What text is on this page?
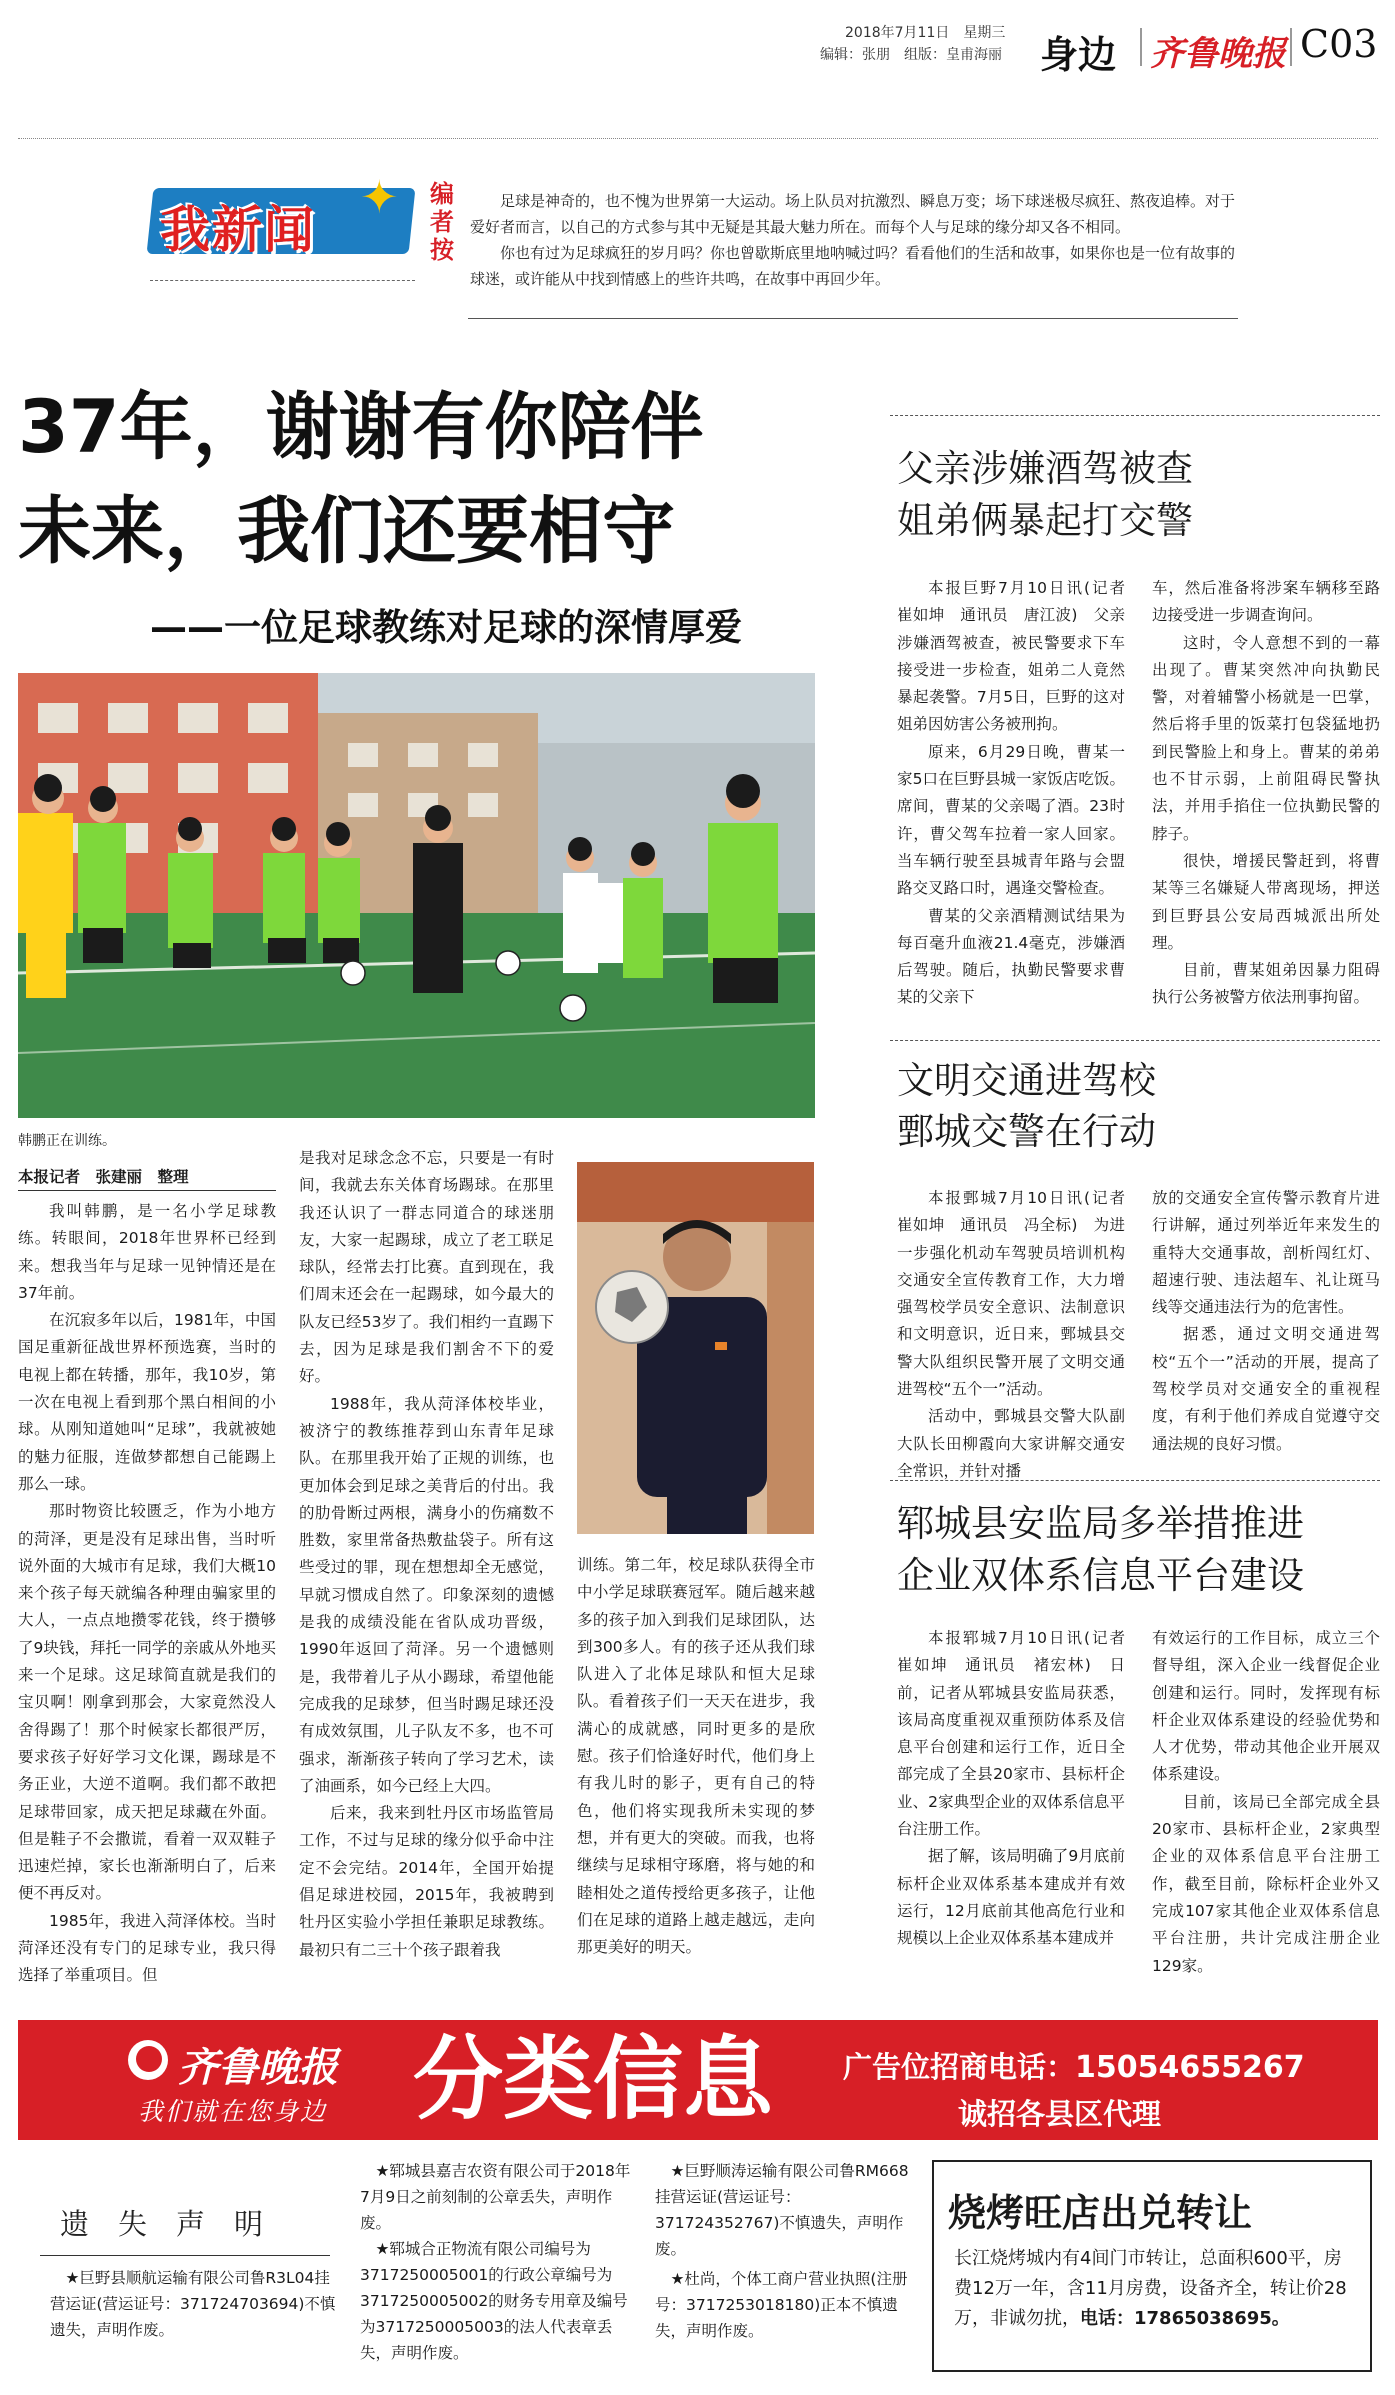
2018年7月11日　星期三
编辑：张朋　组版：皇甫海丽 身边 齐鲁晚报 C03
✦
我新闻
编者按

足球是神奇的，也不愧为世界第一大运动。场上队员对抗激烈、瞬息万变；场下球迷极尽疯狂、熬夜追棒。对于爱好者而言，以自己的方式参与其中无疑是其最大魅力所在。而每个人与足球的缘分却又各不相同。

你也有过为足球疯狂的岁月吗？你也曾歇斯底里地呐喊过吗？看看他们的生活和故事，如果你也是一位有故事的球迷，或许能从中找到情感上的些许共鸣，在故事中再回少年。

37年，谢谢有你陪伴
未来，我们还要相守
——一位足球教练对足球的深情厚爱
韩鹏正在训练。
本报记者　张建丽　整理

我叫韩鹏，是一名小学足球教练。转眼间，2018年世界杯已经到来。想我当年与足球一见钟情还是在37年前。

在沉寂多年以后，1981年，中国国足重新征战世界杯预选赛，当时的电视上都在转播，那年，我10岁，第一次在电视上看到那个黑白相间的小球。从刚知道她叫“足球”，我就被她的魅力征服，连做梦都想自己能踢上那么一球。

那时物资比较匮乏，作为小地方的菏泽，更是没有足球出售，当时听说外面的大城市有足球，我们大概10来个孩子每天就编各种理由骗家里的大人，一点点地攒零花钱，终于攒够了9块钱，拜托一同学的亲戚从外地买来一个足球。这足球简直就是我们的宝贝啊！刚拿到那会，大家竟然没人舍得踢了！那个时候家长都很严厉，要求孩子好好学习文化课，踢球是不务正业，大逆不道啊。我们都不敢把足球带回家，成天把足球藏在外面。但是鞋子不会撒谎，看着一双双鞋子迅速烂掉，家长也渐渐明白了，后来便不再反对。

1985年，我进入菏泽体校。当时菏泽还没有专门的足球专业，我只得选择了举重项目。但

是我对足球念念不忘，只要是一有时间，我就去东关体育场踢球。在那里我还认识了一群志同道合的球迷朋友，大家一起踢球，成立了老工联足球队，经常去打比赛。直到现在，我们周末还会在一起踢球，如今最大的队友已经53岁了。我们相约一直踢下去，因为足球是我们割舍不下的爱好。

1988年，我从菏泽体校毕业，被济宁的教练推荐到山东青年足球队。在那里我开始了正规的训练，也更加体会到足球之美背后的付出。我的肋骨断过两根，满身小的伤痛数不胜数，家里常备热敷盐袋子。所有这些受过的罪，现在想想却全无感觉，早就习惯成自然了。印象深刻的遗憾是我的成绩没能在省队成功晋级，1990年返回了菏泽。另一个遗憾则是，我带着儿子从小踢球，希望他能完成我的足球梦，但当时踢足球还没有成效氛围，儿子队友不多，也不可强求，渐渐孩子转向了学习艺术，读了油画系，如今已经上大四。

后来，我来到牡丹区市场监管局工作，不过与足球的缘分似乎命中注定不会完结。2014年，全国开始提倡足球进校园，2015年，我被聘到牡丹区实验小学担任兼职足球教练。最初只有二三十个孩子跟着我

训练。第二年，校足球队获得全市中小学足球联赛冠军。随后越来越多的孩子加入到我们足球团队，达到300多人。有的孩子还从我们球队进入了北体足球队和恒大足球队。看着孩子们一天天在进步，我满心的成就感，同时更多的是欣慰。孩子们恰逢好时代，他们身上有我儿时的影子，更有自己的特色，他们将实现我所未实现的梦想，并有更大的突破。而我，也将继续与足球相守琢磨，将与她的和睦相处之道传授给更多孩子，让他们在足球的道路上越走越远，走向那更美好的明天。

父亲涉嫌酒驾被查
姐弟俩暴起打交警

本报巨野7月10日讯(记者　崔如坤　通讯员　唐江波)　父亲涉嫌酒驾被查，被民警要求下车接受进一步检查，姐弟二人竟然暴起袭警。7月5日，巨野的这对姐弟因妨害公务被刑拘。

原来，6月29日晚，曹某一家5口在巨野县城一家饭店吃饭。席间，曹某的父亲喝了酒。23时许，曹父驾车拉着一家人回家。当车辆行驶至县城青年路与会盟路交叉路口时，遇逢交警检查。

曹某的父亲酒精测试结果为每百毫升血液21.4毫克，涉嫌酒后驾驶。随后，执勤民警要求曹某的父亲下

车，然后准备将涉案车辆移至路边接受进一步调查询问。

这时，令人意想不到的一幕出现了。曹某突然冲向执勤民警，对着辅警小杨就是一巴掌，然后将手里的饭菜打包袋猛地扔到民警脸上和身上。曹某的弟弟也不甘示弱，上前阻碍民警执法，并用手掐住一位执勤民警的脖子。

很快，增援民警赶到，将曹某等三名嫌疑人带离现场，押送到巨野县公安局西城派出所处理。

目前，曹某姐弟因暴力阻碍执行公务被警方依法刑事拘留。

文明交通进驾校
鄄城交警在行动

本报鄄城7月10日讯(记者　崔如坤　通讯员　冯全标)　为进一步强化机动车驾驶员培训机构交通安全宣传教育工作，大力增强驾校学员安全意识、法制意识和文明意识，近日来，鄄城县交警大队组织民警开展了文明交通进驾校“五个一”活动。

活动中，鄄城县交警大队副大队长田柳霞向大家讲解交通安全常识，并针对播

放的交通安全宣传警示教育片进行讲解，通过列举近年来发生的重特大交通事故，剖析闯红灯、超速行驶、违法超车、礼让斑马线等交通违法行为的危害性。

据悉，通过文明交通进驾校“五个一”活动的开展，提高了驾校学员对交通安全的重视程度，有利于他们养成自觉遵守交通法规的良好习惯。

郓城县安监局多举措推进
企业双体系信息平台建设

本报郓城7月10日讯(记者　崔如坤　通讯员　褚宏林)　日前，记者从郓城县安监局获悉，该局高度重视双重预防体系及信息平台创建和运行工作，近日全部完成了全县20家市、县标杆企业、2家典型企业的双体系信息平台注册工作。

据了解，该局明确了9月底前标杆企业双体系基本建成并有效运行，12月底前其他高危行业和规模以上企业双体系基本建成并

有效运行的工作目标，成立三个督导组，深入企业一线督促企业创建和运行。同时，发挥现有标杆企业双体系建设的经验优势和人才优势，带动其他企业开展双体系建设。

目前，该局已全部完成全县20家市、县标杆企业，2家典型企业的双体系信息平台注册工作，截至目前，除标杆企业外又完成107家其他企业双体系信息平台注册，共计完成注册企业129家。

齐鲁晚报
我们就在您身边 分类信息 广告位招商电话：15054655267
诚招各县区代理
遗　失　声　明

★巨野县顺航运输有限公司鲁R3L04挂营运证(营运证号：371724703694)不慎遗失，声明作废。

★郓城县嘉吉农资有限公司于2018年7月9日之前刻制的公章丢失，声明作废。

★郓城合正物流有限公司编号为3717250005001的行政公章编号为3717250005002的财务专用章及编号为3717250005003的法人代表章丢失，声明作废。

★巨野顺涛运输有限公司鲁RM668挂营运证(营运证号：371724352767)不慎遗失，声明作废。

★杜尚，个体工商户营业执照(注册号：371725301818​0)正本不慎遗失，声明作废。

烧烤旺店出兑转让
长江烧烤城内有4间门市转让，总面积600平，房费12万一年，含11月房费，设备齐全，转让价28万，非诚勿扰，电话：17865038695。
